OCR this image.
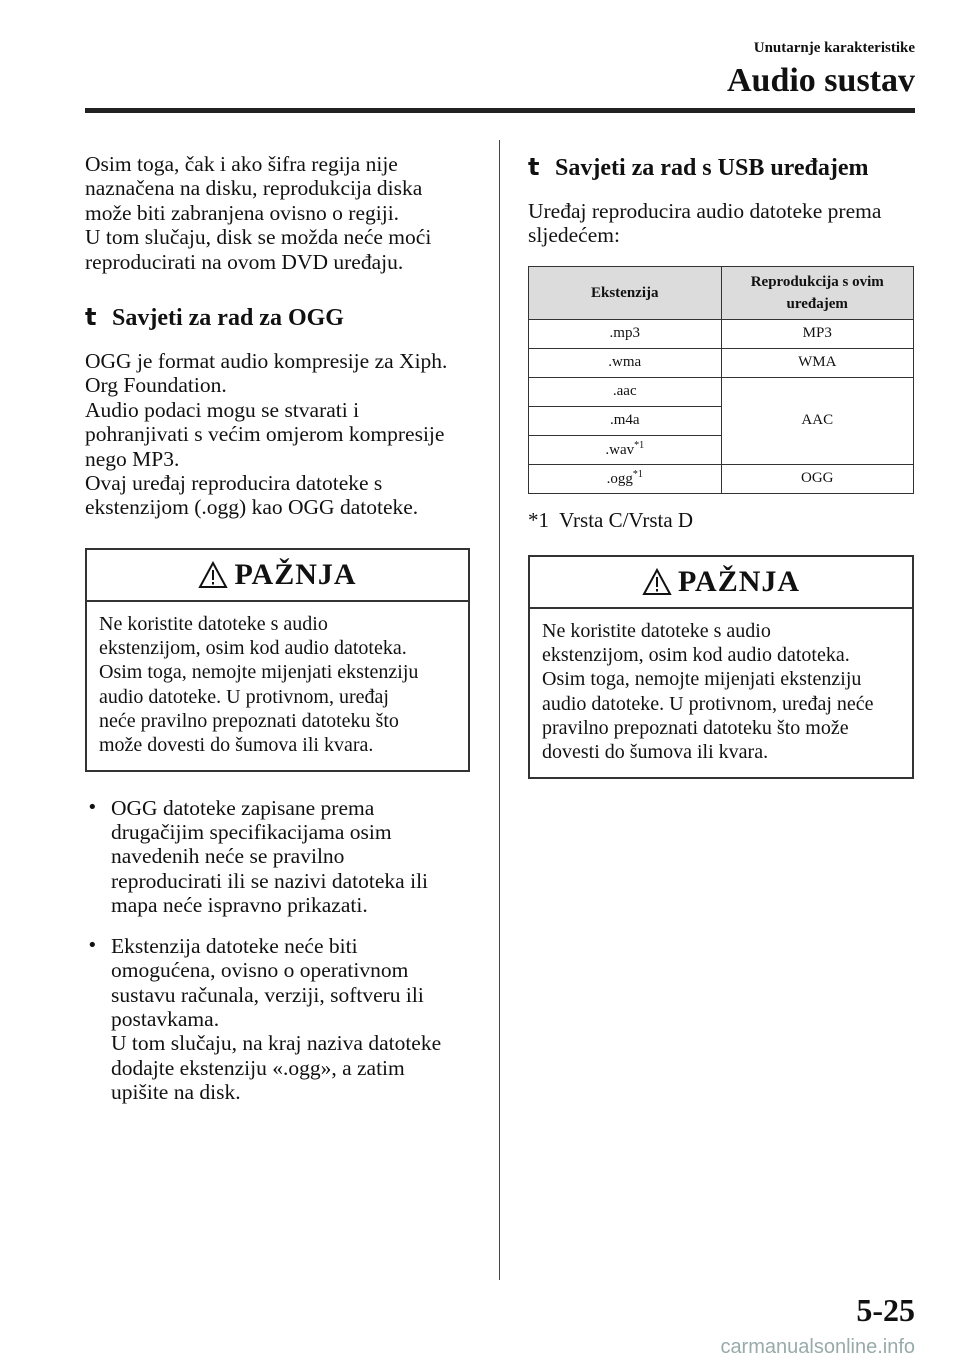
Unutarnje karakteristike
Audio sustav

Osim toga, čak i ako šifra regija nije
naznačena na disku, reprodukcija diska
može biti zabranjena ovisno o regiji.
U tom slučaju, disk se možda neće moći
reproducirati na ovom DVD uređaju.

t Savjeti za rad za OGG

OGG je format audio kompresije za Xiph.
Org Foundation.
Audio podaci mogu se stvarati i
pohranjivati s većim omjerom kompresije
nego MP3.
Ovaj uređaj reproducira datoteke s
ekstenzijom (.ogg) kao OGG datoteke.

PAŽNJA
Ne koristite datoteke s audio
ekstenzijom, osim kod audio datoteka.
Osim toga, nemojte mijenjati ekstenziju
audio datoteke. U protivnom, uređaj
neće pravilno prepoznati datoteku što
može dovesti do šumova ili kvara.
• OGG datoteke zapisane prema
drugačijim specifikacijama osim
navedenih neće se pravilno
reproducirati ili se nazivi datoteka ili
mapa neće ispravno prikazati.
• Ekstenzija datoteke neće biti
omogućena, ovisno o operativnom
sustavu računala, verziji, softveru ili
postavkama.
U tom slučaju, na kraj naziva datoteke
dodajte ekstenziju «.ogg», a zatim
upišite na disk.
t Savjeti za rad s USB uređajem

Uređaj reproducira audio datoteke prema
sljedećem:

Ekstenzija	Reprodukcija s ovim uređajem
.mp3	MP3
.wma	WMA
.aac	AAC
.m4a	
.wav$^{*1}$
.ogg$^{*1}$	OGG
*1  Vrsta C/Vrsta D
PAŽNJA
Ne koristite datoteke s audio
ekstenzijom, osim kod audio datoteka.
Osim toga, nemojte mijenjati ekstenziju
audio datoteke. U protivnom, uređaj neće
pravilno prepoznati datoteku što može
dovesti do šumova ili kvara.
5-25
carmanualsonline.info
